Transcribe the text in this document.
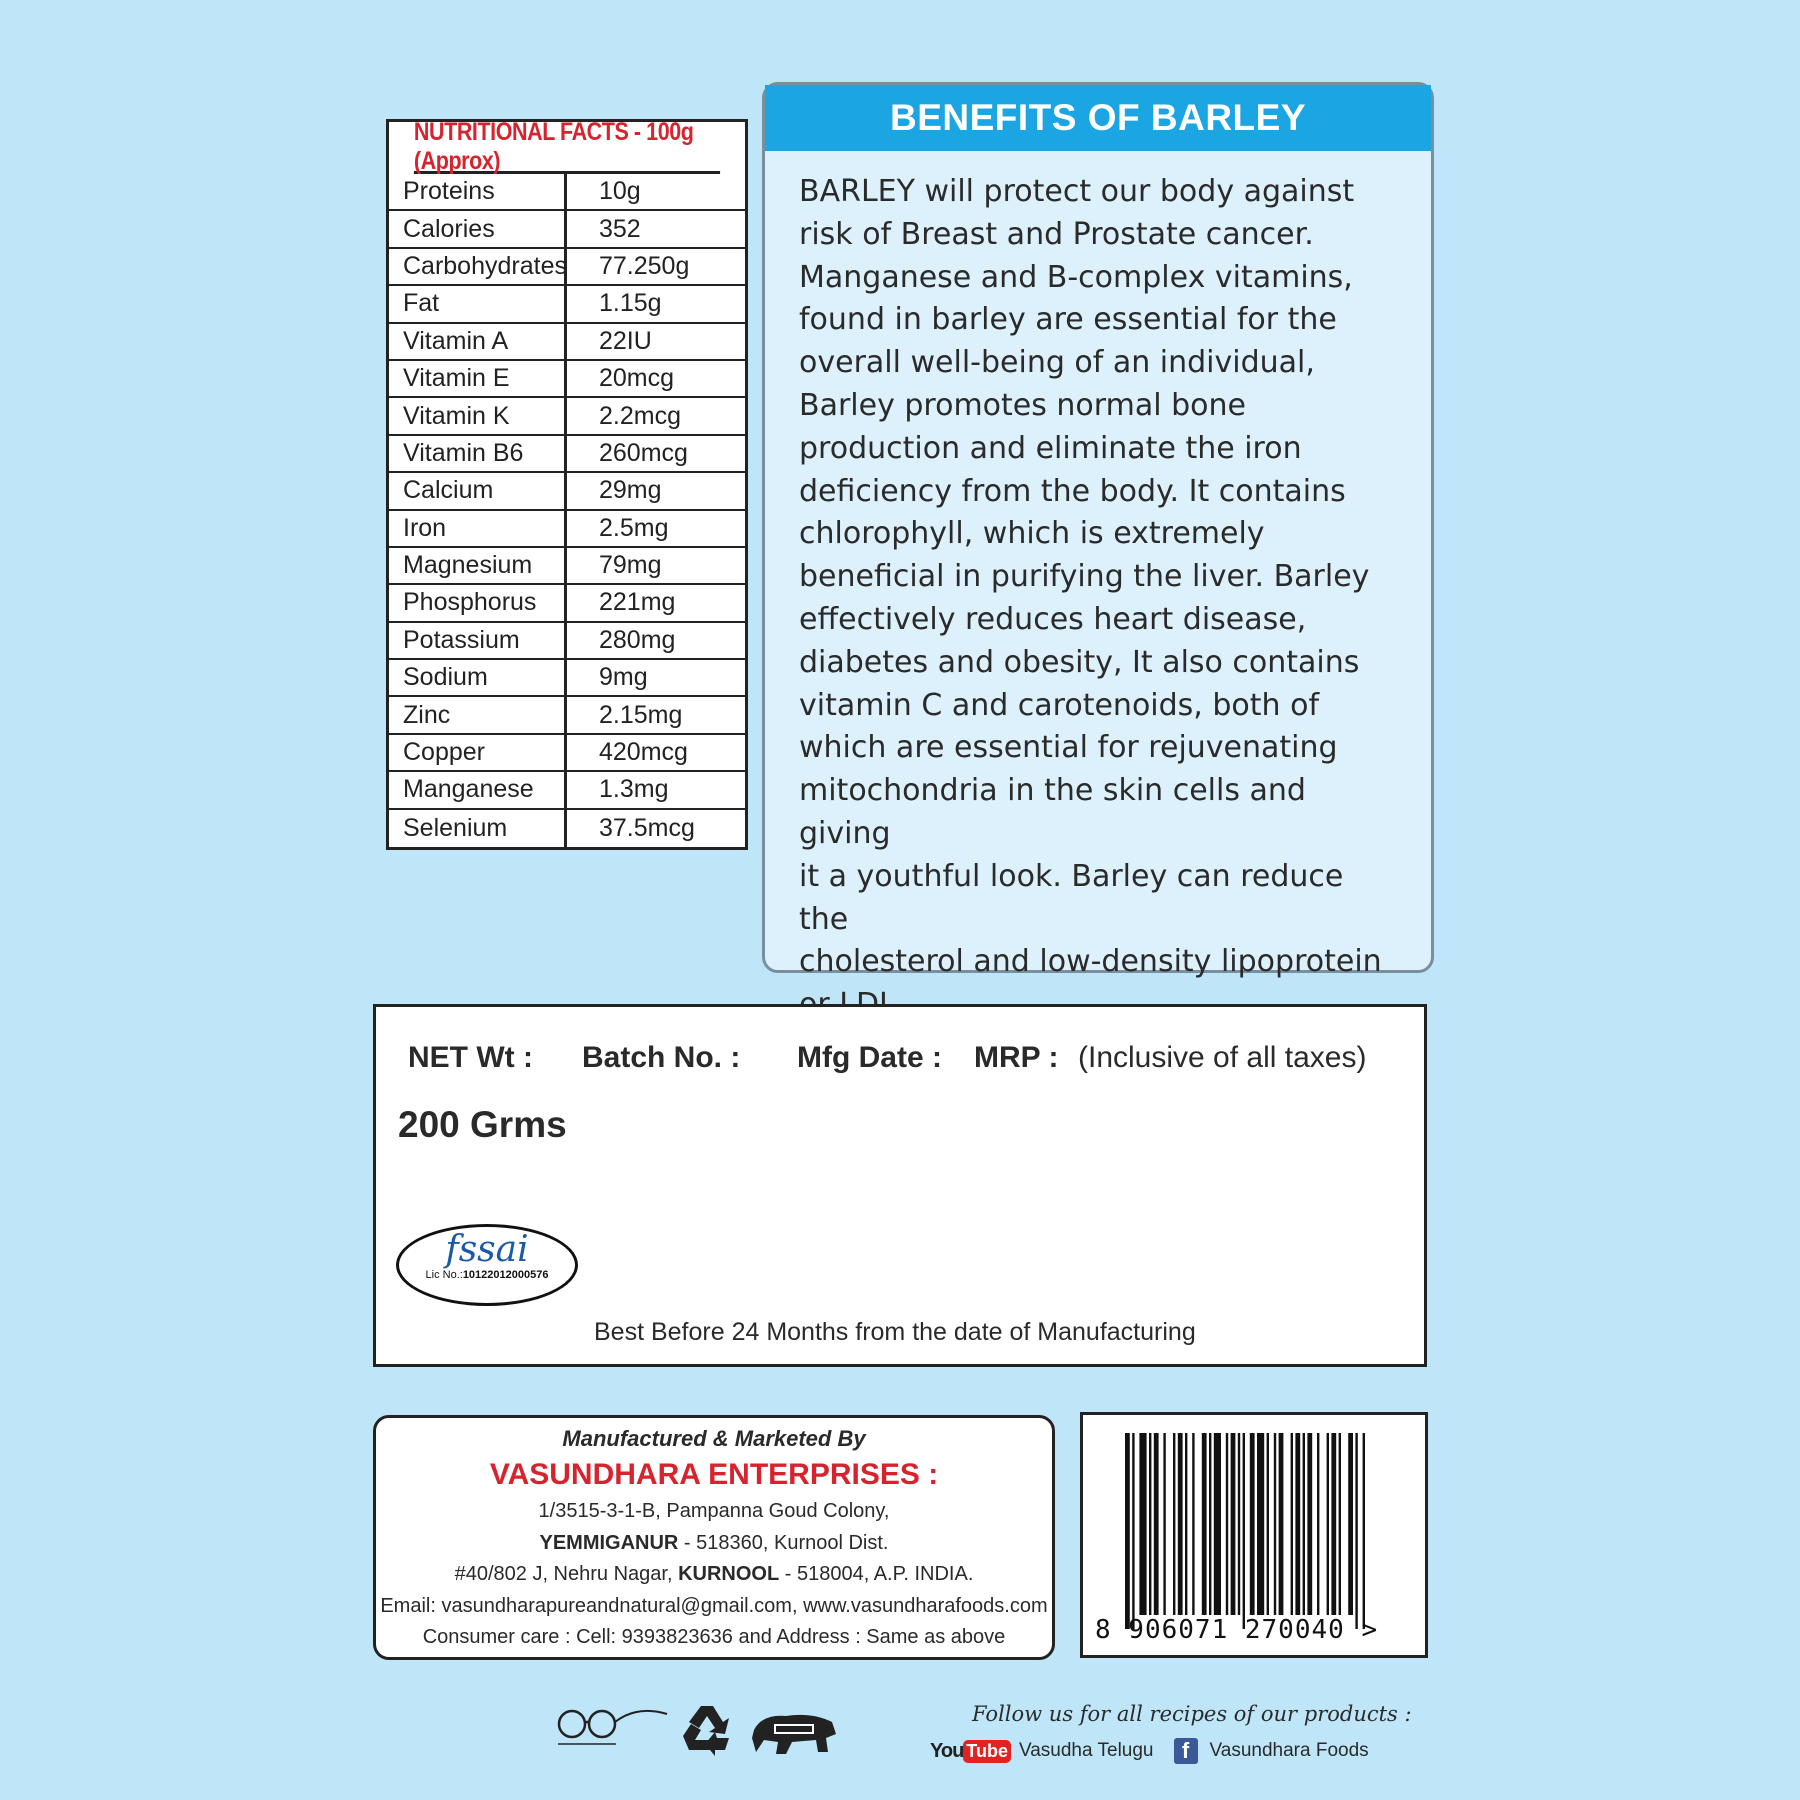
NUTRITIONAL FACTS - 100g (Approx)
Proteins	10g
Calories	352
Carbohydrates	77.250g
Fat	1.15g
Vitamin A	22IU
Vitamin E	20mcg
Vitamin K	2.2mcg
Vitamin B6	260mcg
Calcium	29mg
Iron	2.5mg
Magnesium	79mg
Phosphorus	221mg
Potassium	280mg
Sodium	9mg
Zinc	2.15mg
Copper	420mcg
Manganese	1.3mg
Selenium	37.5mcg
BENEFITS OF BARLEY
BARLEY will protect our body against
risk of Breast and Prostate cancer.
Manganese and B-complex vitamins,
found in barley are essential for the
overall well-being of an individual,
Barley promotes normal bone
production and eliminate the iron
deficiency from the body. It contains
chlorophyll, which is extremely
beneficial in purifying the liver. Barley
effectively reduces heart disease,
diabetes and obesity, It also contains
vitamin C and carotenoids, both of
which are essential for rejuvenating
mitochondria in the skin cells and giving
it a youthful look. Barley can reduce the
cholesterol and low-density lipoprotein
NET Wt : Batch No. : Mfg Date : MRP : (Inclusive of all taxes)
200 Grms
fssai
Lic No.:10122012000576
Best Before 24 Months from the date of Manufacturing
Manufactured & Marketed By
VASUNDHARA ENTERPRISES :
1/3515-3-1-B, Pampanna Goud Colony,
YEMMIGANUR - 518360, Kurnool Dist.
#40/802 J, Nehru Nagar, KURNOOL - 518004, A.P. INDIA.
Email: vasundharapureandnatural@gmail.com, www.vasundharafoods.com
Consumer care : Cell: 9393823636 and Address : Same as above	8 906071 270040 >
Follow us for all recipes of our products :
You Tube Vasudha Telugu	f	Vasundhara Foods
